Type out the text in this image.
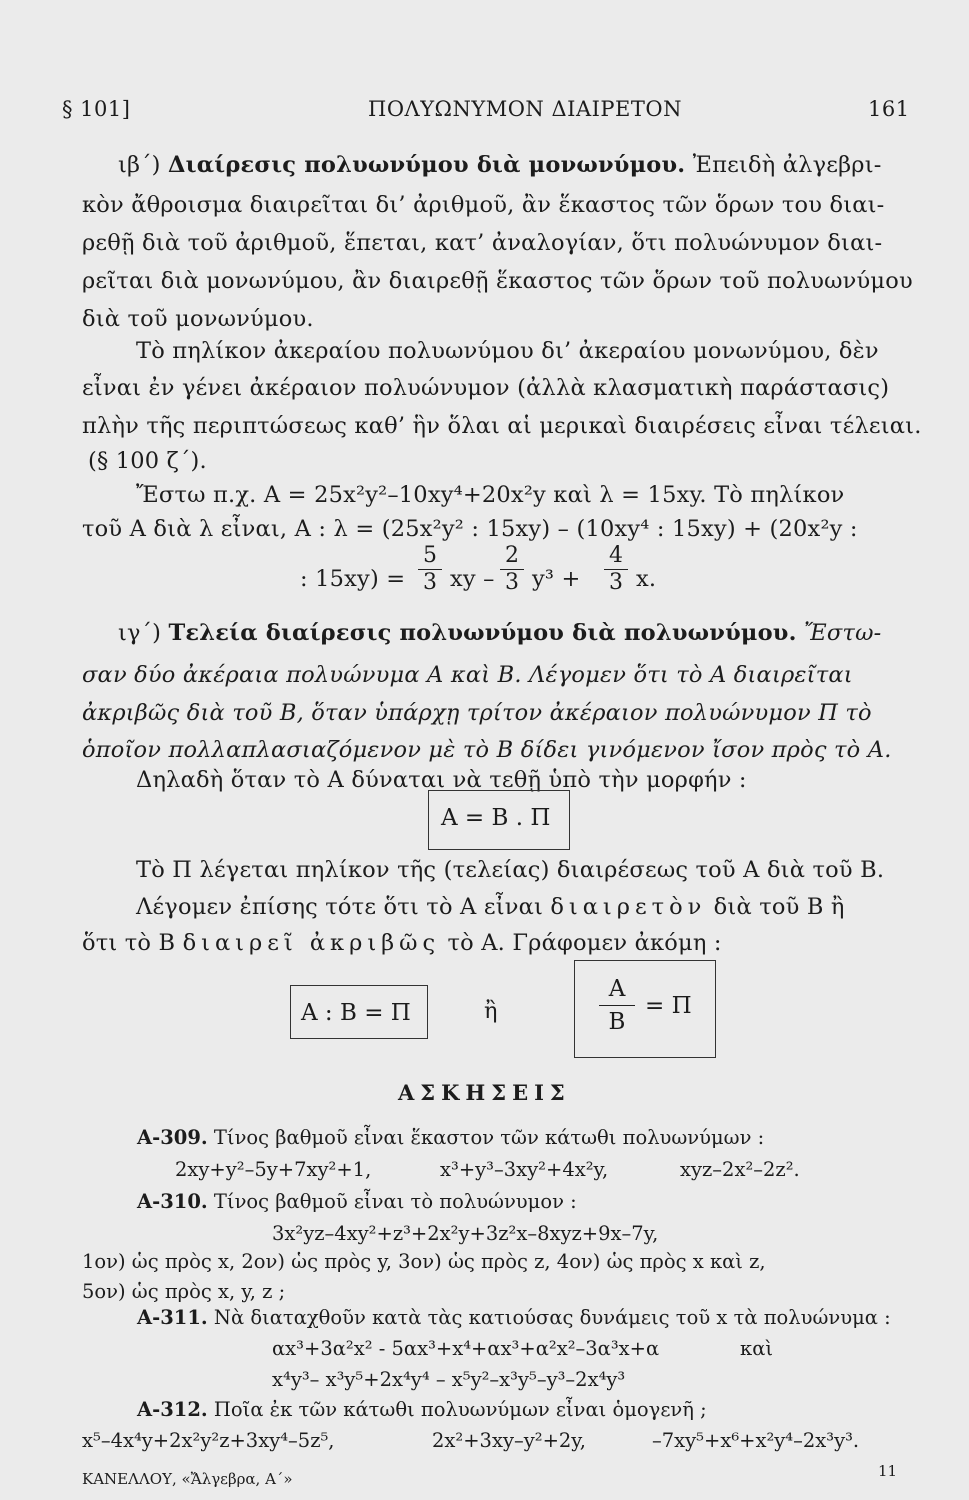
§ 101]	ΠΟΛΥΩΝΥΜΟΝ ΔΙΑΙΡΕΤΟΝ	161
ιβ΄) Διαίρεσις πολυωνύμου διὰ μονωνύμου. Ἐπειδὴ ἀλγεβρι-
κὸν ἄθροισμα διαιρεῖται δι’ ἀριθμοῦ, ἂν ἕκαστος τῶν ὅρων του διαι-
ρεθῇ διὰ τοῦ ἀριθμοῦ, ἕπεται, κατ’ ἀναλογίαν, ὅτι πολυώνυμον διαι-
ρεῖται διὰ μονωνύμου, ἂν διαιρεθῇ ἕκαστος τῶν ὅρων τοῦ πολυωνύμου
διὰ τοῦ μονωνύμου.
Τὸ πηλίκον ἀκεραίου πολυωνύμου δι’ ἀκεραίου μονωνύμου, δὲν
εἶναι ἐν γένει ἀκέραιον πολυώνυμον (ἀλλὰ κλασματικὴ παράστασις)
πλὴν τῆς περιπτώσεως καθ’ ἣν ὅλαι αἱ μερικαὶ διαιρέσεις εἶναι τέλειαι.
(§ 100 ζ΄).
Ἔστω π.χ. Α = 25x²y²–10xy⁴+20x²y καὶ λ = 15xy. Τὸ πηλίκον
τοῦ Α διὰ λ εἶναι, Α : λ = (25x²y² : 15xy) – (10xy⁴ : 15xy) + (20x²y :
: 15xy) =
5
3 xy –
2
3 y³ +
4
3 x.
ιγ΄) Τελεία διαίρεσις πολυωνύμου διὰ πολυωνύμου. Ἔστω-
σαν δύο ἀκέραια πολυώνυμα Α καὶ Β. Λέγομεν ὅτι τὸ Α διαιρεῖται
ἀκριβῶς διὰ τοῦ Β, ὅταν ὑπάρχῃ τρίτον ἀκέραιον πολυώνυμον Π τὸ
ὁποῖον πολλαπλασιαζόμενον μὲ τὸ Β δίδει γινόμενον ἴσον πρὸς τὸ Α.
Δηλαδὴ ὅταν τὸ Α δύναται νὰ τεθῇ ὑπὸ τὴν μορφήν :
Α = Β . Π
Τὸ Π λέγεται πηλίκον τῆς (τελείας) διαιρέσεως τοῦ Α διὰ τοῦ Β.
Λέγομεν ἐπίσης τότε ὅτι τὸ Α εἶναι διαιρετὸν διὰ τοῦ Β ἢ
ὅτι τὸ Β διαιρεῖ ἀκριβῶς τὸ Α. Γράφομεν ἀκόμη :
Α : Β = Π	ἢ
Α
Β
= Π
ΑΣΚΗΣΕΙΣ
Α-309. Τίνος βαθμοῦ εἶναι ἕκαστον τῶν κάτωθι πολυωνύμων :
2xy+y²–5y+7xy²+1,	x³+y³–3xy²+4x²y,	xyz–2x²–2z².
Α-310. Τίνος βαθμοῦ εἶναι τὸ πολυώνυμον :
3x²yz–4xy²+z³+2x²y+3z²x–8xyz+9x–7y,
1ον) ὡς πρὸς x, 2ον) ὡς πρὸς y, 3ον) ὡς πρὸς z, 4ον) ὡς πρὸς x καὶ z,
5ον) ὡς πρὸς x, y, z ;
Α-311. Νὰ διαταχθοῦν κατὰ τὰς κατιούσας δυνάμεις τοῦ x τὰ πολυώνυμα :
αx³+3α²x² - 5αx³+x⁴+αx³+α²x²–3α³x+α	καὶ
x⁴y³– x³y⁵+2x⁴y⁴ – x⁵y²–x³y⁵–y³–2x⁴y³
Α-312. Ποῖα ἐκ τῶν κάτωθι πολυωνύμων εἶναι ὁμογενῆ ;
x⁵–4x⁴y+2x²y²z+3xy⁴–5z⁵,	2x²+3xy–y²+2y,	–7xy⁵+x⁶+x²y⁴–2x³y³.
11
ΚΑΝΕΛΛΟΥ, «Ἄλγεβρα, Α΄»
